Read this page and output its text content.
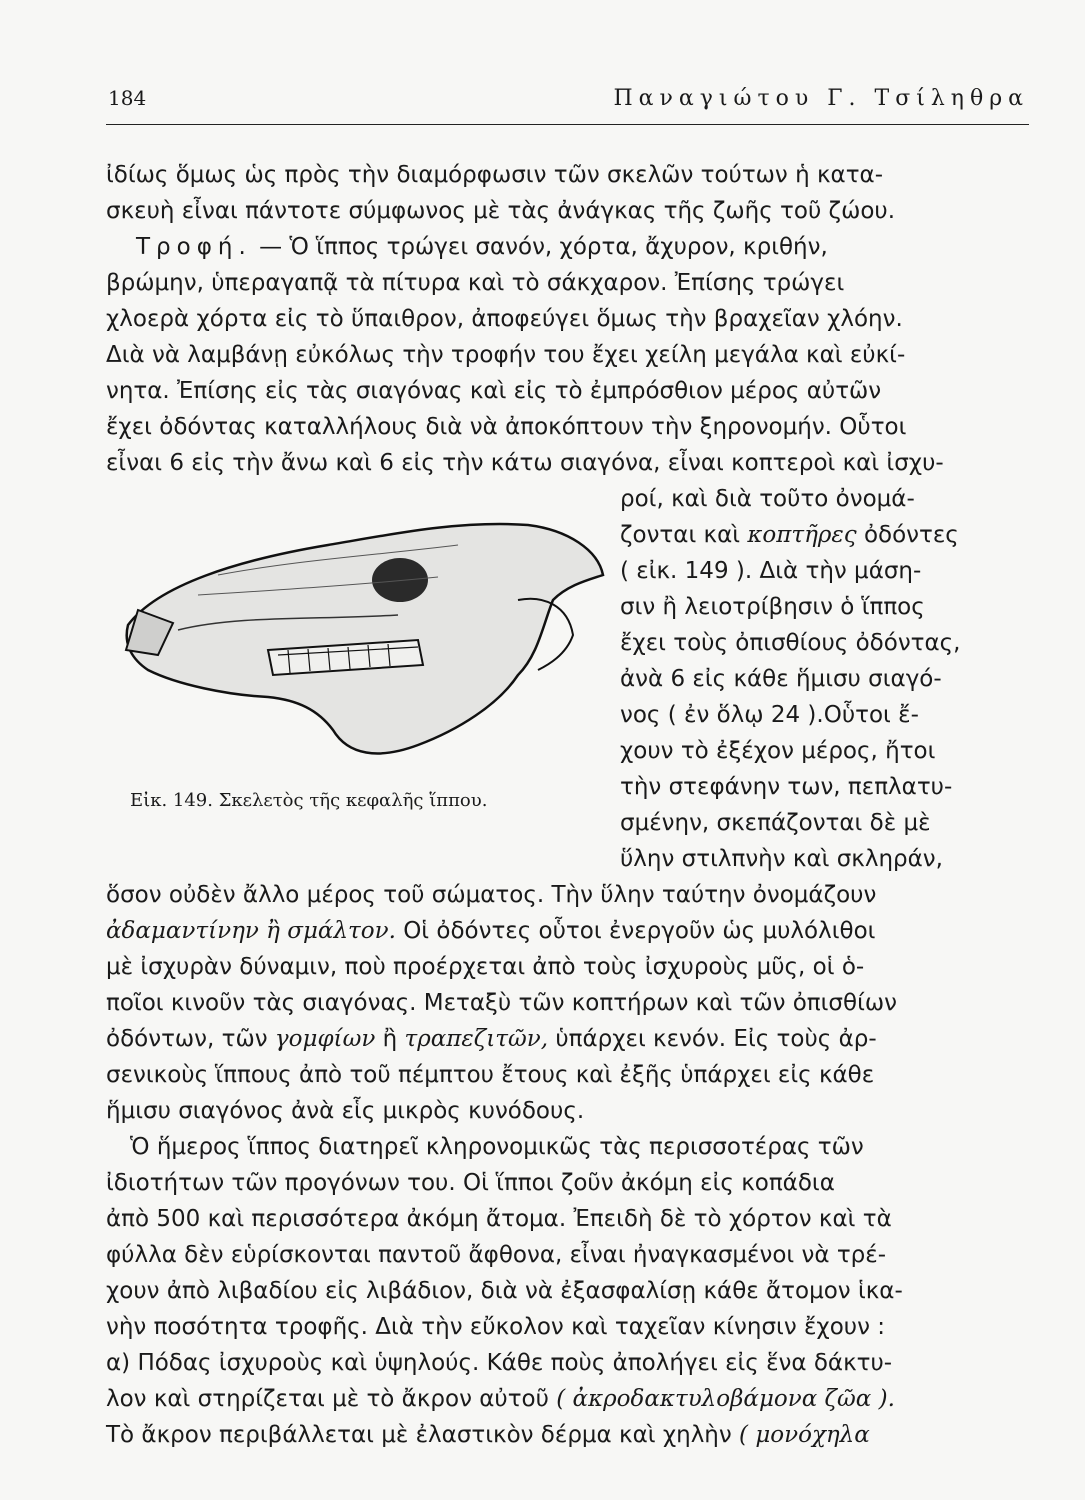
184	Παναγιώτου Γ. Τσίληθρα
ἰδίως ὅμως ὡς πρὸς τὴν διαμόρφωσιν τῶν σκελῶν τούτων ἡ κατα-
σκευὴ εἶναι πάντοτε σύμφωνος μὲ τὰς ἀνάγκας τῆς ζωῆς τοῦ ζώου.
Τροφή. — Ὁ ἵππος τρώγει σανόν, χόρτα, ἄχυρον, κριθήν,
βρώμην, ὑπεραγαπᾷ τὰ πίτυρα καὶ τὸ σάκχαρον. Ἐπίσης τρώγει
χλοερὰ χόρτα εἰς τὸ ὕπαιθρον, ἀποφεύγει ὅμως τὴν βραχεῖαν χλόην.
Διὰ νὰ λαμβάνῃ εὐκόλως τὴν τροφήν του ἔχει χείλη μεγάλα καὶ εὐκί-
νητα. Ἐπίσης εἰς τὰς σιαγόνας καὶ εἰς τὸ ἐμπρόσθιον μέρος αὐτῶν
ἔχει ὀδόντας καταλλήλους διὰ νὰ ἀποκόπτουν τὴν ξηρονομήν. Οὗτοι
εἶναι 6 εἰς τὴν ἄνω καὶ 6 εἰς τὴν κάτω σιαγόνα, εἶναι κοπτεροὶ καὶ ἰσχυ-
Εἰκ. 149. Σκελετὸς τῆς κεφαλῆς ἵππου.
ροί, καὶ διὰ τοῦτο ὀνομά-
ζονται καὶ κοπτῆρες ὀδόντες
( εἰκ. 149 ). Διὰ τὴν μάση-
σιν ἢ λειοτρίβησιν ὁ ἵππος
ἔχει τοὺς ὀπισθίους ὀδόντας,
ἀνὰ 6 εἰς κάθε ἥμισυ σιαγό-
νος ( ἐν ὅλῳ 24 ).Οὗτοι ἔ-
χουν τὸ ἐξέχον μέρος, ἤτοι
τὴν στεφάνην των, πεπλατυ-
σμένην, σκεπάζονται δὲ μὲ
ὕλην στιλπνὴν καὶ σκληράν,
ὅσον οὐδὲν ἄλλο μέρος τοῦ σώματος. Τὴν ὕλην ταύτην ὀνομάζουν
ἀδαμαντίνην ἢ σμάλτον. Οἱ ὀδόντες οὗτοι ἐνεργοῦν ὡς μυλόλιθοι
μὲ ἰσχυρὰν δύναμιν, ποὺ προέρχεται ἀπὸ τοὺς ἰσχυροὺς μῦς, οἱ ὁ-
ποῖοι κινοῦν τὰς σιαγόνας. Μεταξὺ τῶν κοπτήρων καὶ τῶν ὀπισθίων
ὀδόντων, τῶν γομφίων ἢ τραπεζιτῶν, ὑπάρχει κενόν. Εἰς τοὺς ἀρ-
σενικοὺς ἵππους ἀπὸ τοῦ πέμπτου ἔτους καὶ ἐξῆς ὑπάρχει εἰς κάθε
ἥμισυ σιαγόνος ἀνὰ εἷς μικρὸς κυνόδους.
Ὁ ἥμερος ἵππος διατηρεῖ κληρονομικῶς τὰς περισσοτέρας τῶν
ἰδιοτήτων τῶν προγόνων του. Οἱ ἵπποι ζοῦν ἀκόμη εἰς κοπάδια
ἀπὸ 500 καὶ περισσότερα ἀκόμη ἄτομα. Ἐπειδὴ δὲ τὸ χόρτον καὶ τὰ
φύλλα δὲν εὑρίσκονται παντοῦ ἄφθονα, εἶναι ἠναγκασμένοι νὰ τρέ-
χουν ἀπὸ λιβαδίου εἰς λιβάδιον, διὰ νὰ ἐξασφαλίσῃ κάθε ἄτομον ἱκα-
νὴν ποσότητα τροφῆς. Διὰ τὴν εὔκολον καὶ ταχεῖαν κίνησιν ἔχουν :
α) Πόδας ἰσχυροὺς καὶ ὑψηλούς. Κάθε ποὺς ἀπολήγει εἰς ἕνα δάκτυ-
λον καὶ στηρίζεται μὲ τὸ ἄκρον αὐτοῦ ( ἀκροδακτυλοβάμονα ζῶα ).
Τὸ ἄκρον περιβάλλεται μὲ ἐλαστικὸν δέρμα καὶ χηλὴν ( μονόχηλα
